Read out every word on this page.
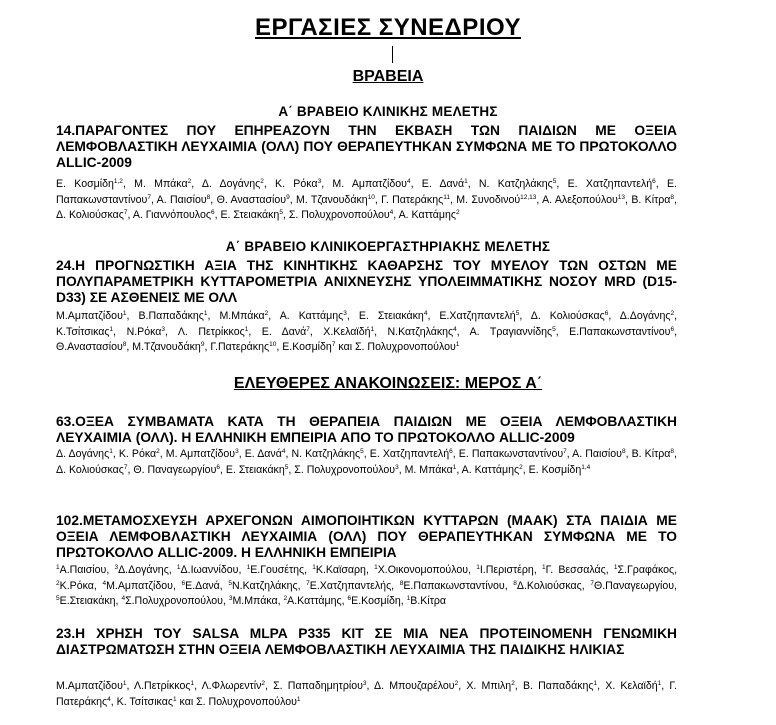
ΕΡΓΑΣΙΕΣ ΣΥΝΕΔΡΙΟΥ
ΒΡΑΒΕΙΑ
Α΄ ΒΡΑΒΕΙΟ ΚΛΙΝΙΚΗΣ ΜΕΛΕΤΗΣ
14.ΠΑΡΑΓΟΝΤΕΣ ΠΟΥ ΕΠΗΡΕΑΖΟΥΝ ΤΗΝ ΕΚΒΑΣΗ ΤΩΝ ΠΑΙΔΙΩΝ ΜΕ ΟΞΕΙΑ ΛΕΜΦΟΒΛΑΣΤΙΚΗ ΛΕΥΧΑΙΜΙΑ (ΟΛΛ) ΠΟΥ ΘΕΡΑΠΕΥΤΗΚΑΝ ΣΥΜΦΩΝΑ ΜΕ ΤΟ ΠΡΩΤΟΚΟΛΛΟ ALLIC-2009
Ε. Κοσμίδη$^{1,2}$, Μ. Μπάκα$^2$, Δ. Δογάνης$^2$, Κ. Ρόκα$^3$, Μ. Αμπατζίδου$^4$, Ε. Δανά$^1$, Ν. Κατζηλάκης$^5$, Ε. Χατζηπαντελή$^6$, Ε. Παπακωνσταντίνου$^7$, Α. Παισίου$^8$, Θ. Αναστασίου$^9$, Μ. Τζανουδάκη$^{10}$, Γ. Πατεράκης$^{11}$, Μ. Συνοδινού$^{12,13}$, Α. Αλεξοπούλου$^{13}$, Β. Κίτρα$^8$, Δ. Κολιούσκας$^7$, Α. Γιαννόπουλος$^6$, Ε. Στειακάκη$^5$, Σ. Πολυχρονοπούλου$^4$, Α. Καττάμης$^2$
Α΄ ΒΡΑΒΕΙΟ ΚΛΙΝΙΚΟΕΡΓΑΣΤΗΡΙΑΚΗΣ ΜΕΛΕΤΗΣ
24.Η ΠΡΟΓΝΩΣΤΙΚΗ ΑΞΙΑ ΤΗΣ ΚΙΝΗΤΙΚΗΣ ΚΑΘΑΡΣΗΣ ΤΟΥ ΜΥΕΛΟΥ ΤΩΝ ΟΣΤΩΝ ΜΕ ΠΟΛΥΠΑΡΑΜΕΤΡΙΚΗ ΚΥΤΤΑΡΟΜΕΤΡΙΑ ΑΝΙΧΝΕΥΣΗΣ ΥΠΟΛΕΙΜΜΑΤΙΚΗΣ ΝΟΣΟΥ MRD (D15-D33) ΣΕ ΑΣΘΕΝΕΙΣ ΜΕ ΟΛΛ
Μ.Αμπατζίδου$^1$, Β.Παπαδάκης$^1$, Μ.Μπάκα$^2$, Α. Καττάμης$^3$, Ε. Στειακάκη$^4$, Ε.Χατζηπαντελή$^5$, Δ. Κολιούσκας$^6$, Δ.Δογάνης$^2$, Κ.Τσίτσικας$^1$, Ν.Ρόκα$^3$, Λ. Πετρίκκος$^1$, Ε. Δανά$^7$, Χ.Κελαϊδή$^1$, Ν.Κατζηλάκης$^4$, Α. Τραγιαννίδης$^5$, Ε.Παπακωνσταντίνου$^6$, Θ.Αναστασίου$^8$, Μ.Τζανουδάκη$^9$, Γ.Πατεράκης$^{10}$, Ε.Κοσμίδη$^7$ και Σ. Πολυχρονοπούλου$^1$
ΕΛΕΥΘΕΡΕΣ ΑΝΑΚΟΙΝΩΣΕΙΣ: ΜΕΡΟΣ Α΄
63.ΟΞΕΑ ΣΥΜΒΑΜΑΤΑ ΚΑΤΑ ΤΗ ΘΕΡΑΠΕΙΑ ΠΑΙΔΙΩΝ ΜΕ ΟΞΕΙΑ ΛΕΜΦΟΒΛΑΣΤΙΚΗ ΛΕΥΧΑΙΜΙΑ (ΟΛΛ). Η ΕΛΛΗΝΙΚΗ ΕΜΠΕΙΡΙΑ ΑΠΟ ΤΟ ΠΡΩΤΟΚΟΛΛΟ ALLIC-2009
Δ. Δογάνης$^1$, Κ. Ρόκα$^2$, Μ. Αμπατζίδου$^3$, Ε. Δανά$^4$, Ν. Κατζηλάκης$^5$, Ε. Χατζηπαντελή$^6$, Ε. Παπακωνσταντίνου$^7$, Α. Παισίου$^8$, Β. Κίτρα$^8$, Δ. Κολιούσκας$^7$, Θ. Παναγεωργίου$^6$, Ε. Στειακάκη$^5$, Σ. Πολυχρονοπούλου$^3$, Μ. Μπάκα$^1$, Α. Καττάμης$^2$, Ε. Κοσμίδη$^{1,4}$
102.ΜΕΤΑΜΟΣΧΕΥΣΗ ΑΡΧΕΓΟΝΩΝ ΑΙΜΟΠΟΙΗΤΙΚΩΝ ΚΥΤΤΑΡΩΝ (ΜΑΑΚ) ΣΤΑ ΠΑΙΔΙΑ ΜΕ ΟΞΕΙΑ ΛΕΜΦΟΒΛΑΣΤΙΚΗ ΛΕΥΧΑΙΜΙΑ (ΟΛΛ) ΠΟΥ ΘΕΡΑΠΕΥΤΗΚΑΝ ΣΥΜΦΩΝΑ ΜΕ ΤΟ ΠΡΩΤΟΚΟΛΛΟ ALLIC-2009. Η ΕΛΛΗΝΙΚΗ ΕΜΠΕΙΡΙΑ
$^1$Α.Παισίου, $^3$Δ.Δογάνης, $^1$Δ.Ιωαννίδου, $^1$Ε.Γουσέτης, $^1$Κ.Καϊσαρη, $^1$Χ.Οικονομοπούλου, $^1$Ι.Περιστέρη, $^1$Γ. Βεσσαλάς, $^1$Σ.Γραφάκος, $^2$Κ.Ρόκα, $^4$Μ.Αμπατζίδου, $^6$Ε.Δανά, $^5$Ν.Κατζηλάκης, $^7$Ε.Χατζηπαντελής, $^8$Ε.Παπακωνσταντίνου, $^8$Δ.Κολιούσκας, $^7$Θ.Παναγεωργίου, $^5$Ε.Στειακάκη, $^4$Σ.Πολυχρονοπούλου, $^3$Μ.Μπάκα, $^2$Α.Καττάμης, $^6$Ε.Κοσμίδη, $^1$Β.Κίτρα
23.Η ΧΡΗΣΗ ΤΟΥ SALSA MLPA P335 KIT ΣΕ ΜΙΑ ΝΕΑ ΠΡΟΤΕΙΝΟΜΕΝΗ ΓΕΝΩΜΙΚΗ ΔΙΑΣΤΡΩΜΑΤΩΣΗ ΣΤΗΝ ΟΞΕΙΑ ΛΕΜΦΟΒΛΑΣΤΙΚΗ ΛΕΥΧΑΙΜΙΑ ΤΗΣ ΠΑΙΔΙΚΗΣ ΗΛΙΚΙΑΣ
Μ.Αμπατζίδου$^1$, Λ.Πετρίκκος$^1$, Λ.Φλωρεντίν$^2$, Σ. Παπαδημητρίου$^3$, Δ. Μπουζαρέλου$^2$, Χ. Μπιλη$^2$, Β. Παπαδάκης$^1$, Χ. Κελαϊδή$^1$, Γ. Πατεράκης$^4$, Κ. Τσίτσικας$^1$ και Σ. Πολυχρονοπούλου$^1$
